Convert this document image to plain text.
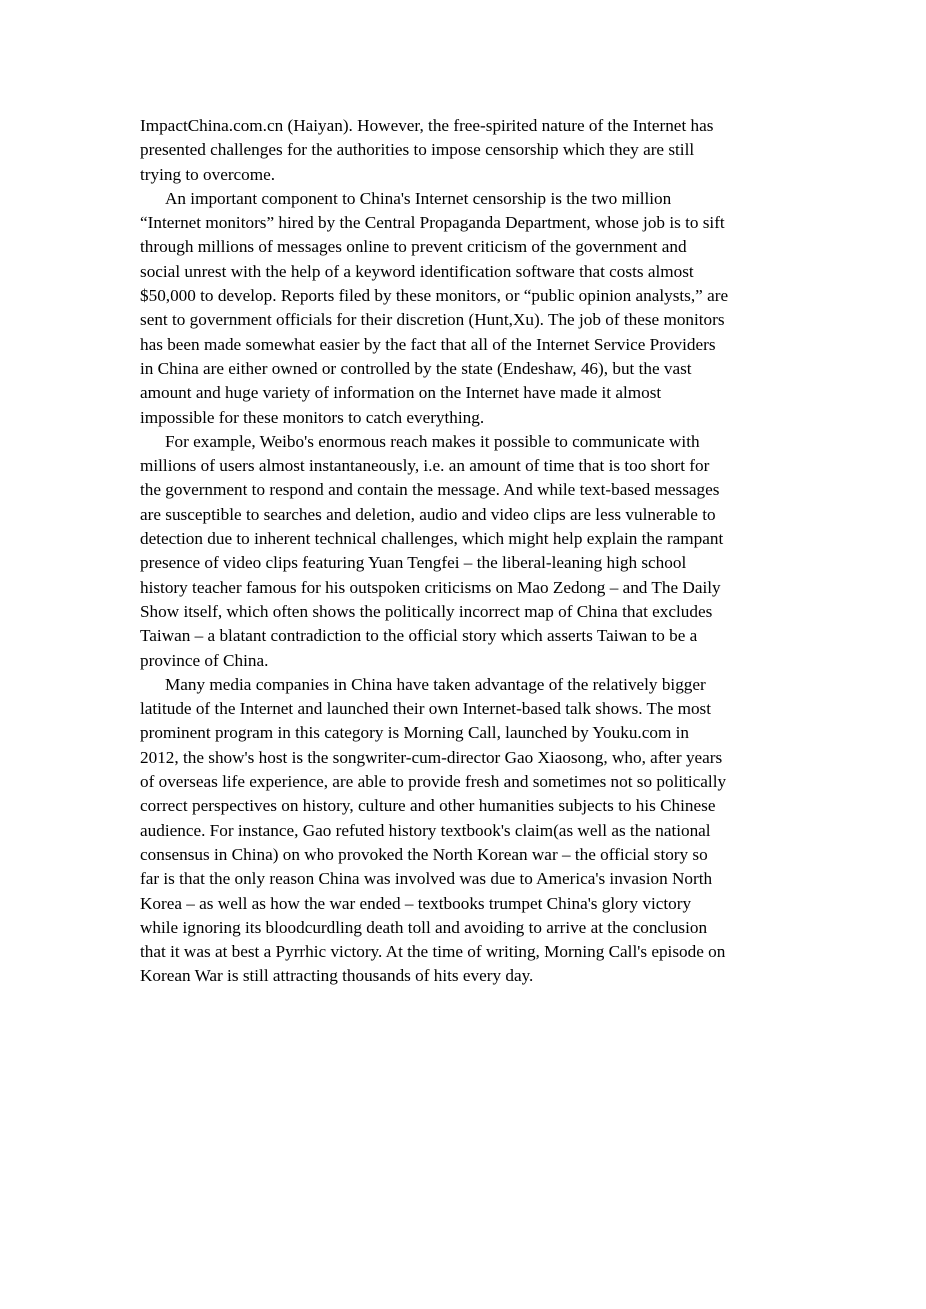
ImpactChina.com.cn (Haiyan). However, the free-spirited nature of the Internet has
presented challenges for the authorities to impose censorship which they are still
trying to overcome.

An important component to China's Internet censorship is the two million
“Internet monitors” hired by the Central Propaganda Department, whose job is to sift
through millions of messages online to prevent criticism of the government and
social unrest with the help of a keyword identification software that costs almost
$50,000 to develop. Reports filed by these monitors, or “public opinion analysts,” are
sent to government officials for their discretion (Hunt,Xu). The job of these monitors
has been made somewhat easier by the fact that all of the Internet Service Providers
in China are either owned or controlled by the state (Endeshaw, 46), but the vast
amount and huge variety of information on the Internet have made it almost
impossible for these monitors to catch everything.

For example, Weibo's enormous reach makes it possible to communicate with
millions of users almost instantaneously, i.e. an amount of time that is too short for
the government to respond and contain the message. And while text-based messages
are susceptible to searches and deletion, audio and video clips are less vulnerable to
detection due to inherent technical challenges, which might help explain the rampant
presence of video clips featuring Yuan Tengfei – the liberal-leaning high school
history teacher famous for his outspoken criticisms on Mao Zedong – and The Daily
Show itself, which often shows the politically incorrect map of China that excludes
Taiwan – a blatant contradiction to the official story which asserts Taiwan to be a
province of China.

Many media companies in China have taken advantage of the relatively bigger
latitude of the Internet and launched their own Internet-based talk shows. The most
prominent program in this category is Morning Call, launched by Youku.com in
2012, the show's host is the songwriter-cum-director Gao Xiaosong, who, after years
of overseas life experience, are able to provide fresh and sometimes not so politically
correct perspectives on history, culture and other humanities subjects to his Chinese
audience. For instance, Gao refuted history textbook's claim(as well as the national
consensus in China) on who provoked the North Korean war – the official story so
far is that the only reason China was involved was due to America's invasion North
Korea – as well as how the war ended – textbooks trumpet China's glory victory
while ignoring its bloodcurdling death toll and avoiding to arrive at the conclusion
that it was at best a Pyrrhic victory. At the time of writing, Morning Call's episode on
Korean War is still attracting thousands of hits every day.
